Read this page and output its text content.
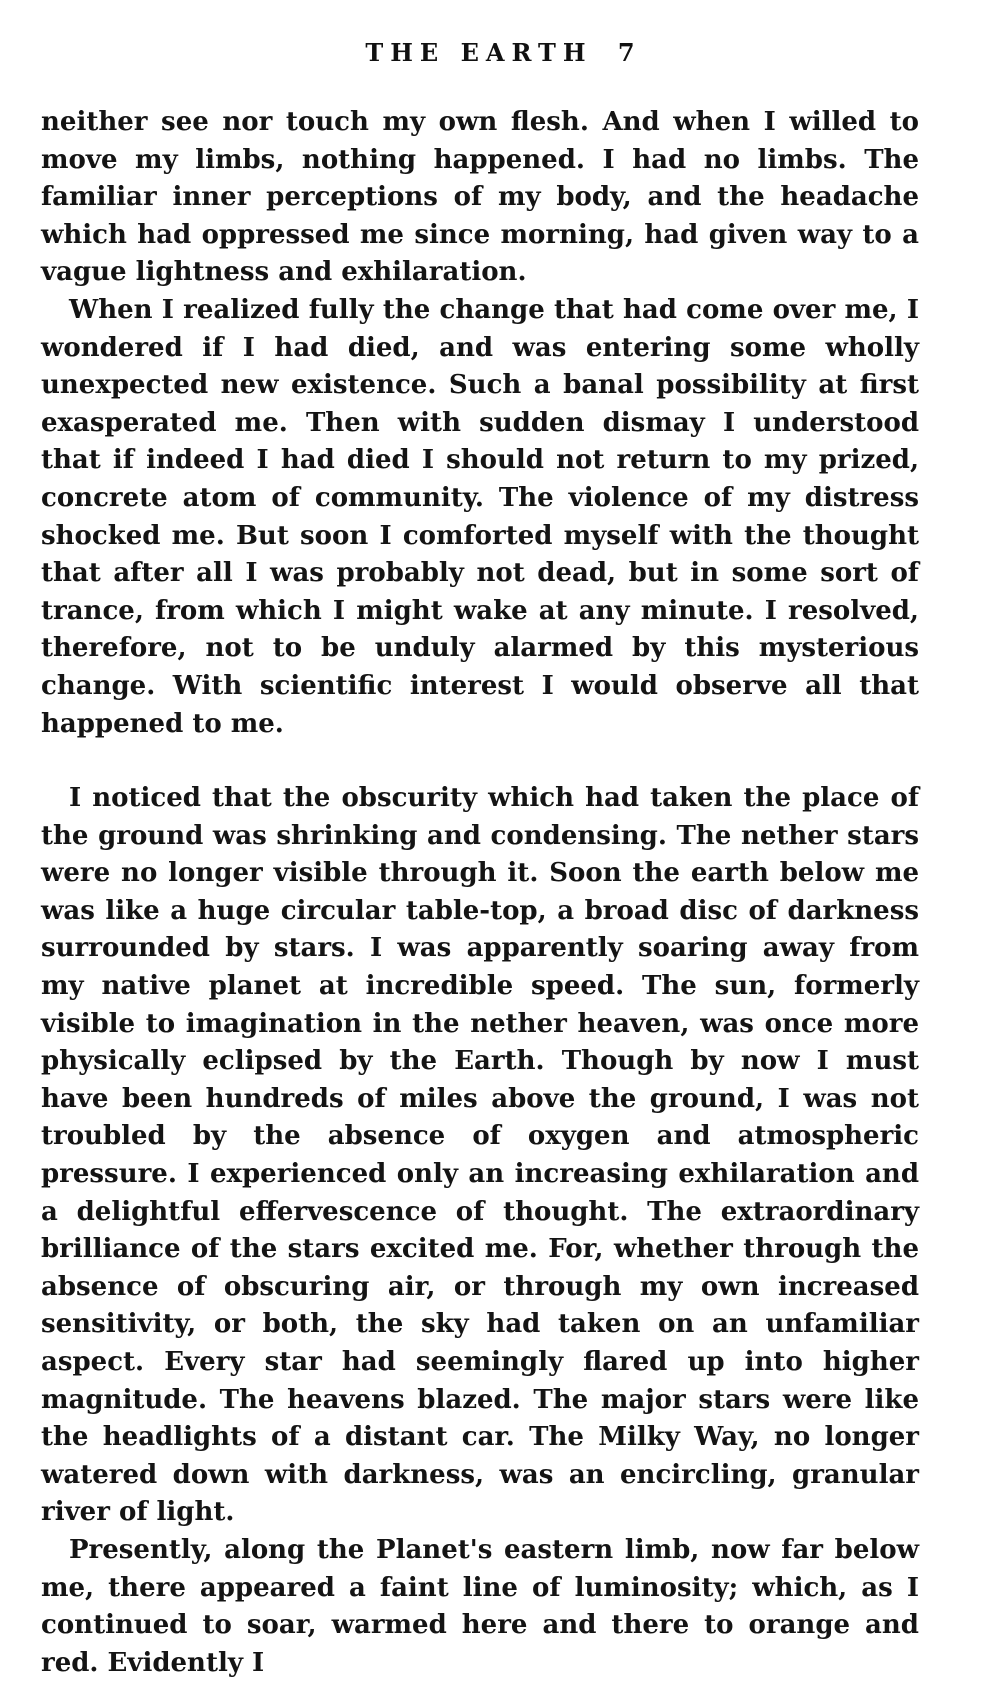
THE EARTH 7

neither see nor touch my own flesh. And when I willed to move my limbs, nothing happened. I had no limbs. The familiar inner perceptions of my body, and the headache which had oppressed me since morning, had given way to a vague lightness and exhilaration.

When I realized fully the change that had come over me, I wondered if I had died, and was entering some wholly unexpected new existence. Such a banal possibility at first exasperated me. Then with sudden dismay I understood that if indeed I had died I should not return to my prized, concrete atom of community. The violence of my distress shocked me. But soon I comforted myself with the thought that after all I was probably not dead, but in some sort of trance, from which I might wake at any minute. I resolved, therefore, not to be unduly alarmed by this mysterious change. With scientific interest I would observe all that happened to me.

I noticed that the obscurity which had taken the place of the ground was shrinking and condensing. The nether stars were no longer visible through it. Soon the earth below me was like a huge circular table-top, a broad disc of darkness surrounded by stars. I was apparently soaring away from my native planet at incredible speed. The sun, formerly visible to imagination in the nether heaven, was once more physically eclipsed by the Earth. Though by now I must have been hundreds of miles above the ground, I was not troubled by the absence of oxygen and atmospheric pressure. I experienced only an increasing exhilaration and a delightful effervescence of thought. The extraordinary brilliance of the stars excited me. For, whether through the absence of obscuring air, or through my own increased sensitivity, or both, the sky had taken on an unfamiliar aspect. Every star had seemingly flared up into higher magnitude. The heavens blazed. The major stars were like the headlights of a distant car. The Milky Way, no longer watered down with darkness, was an encircling, granular river of light.

Presently, along the Planet's eastern limb, now far below me, there appeared a faint line of luminosity; which, as I continued to soar, warmed here and there to orange and red. Evidently I
